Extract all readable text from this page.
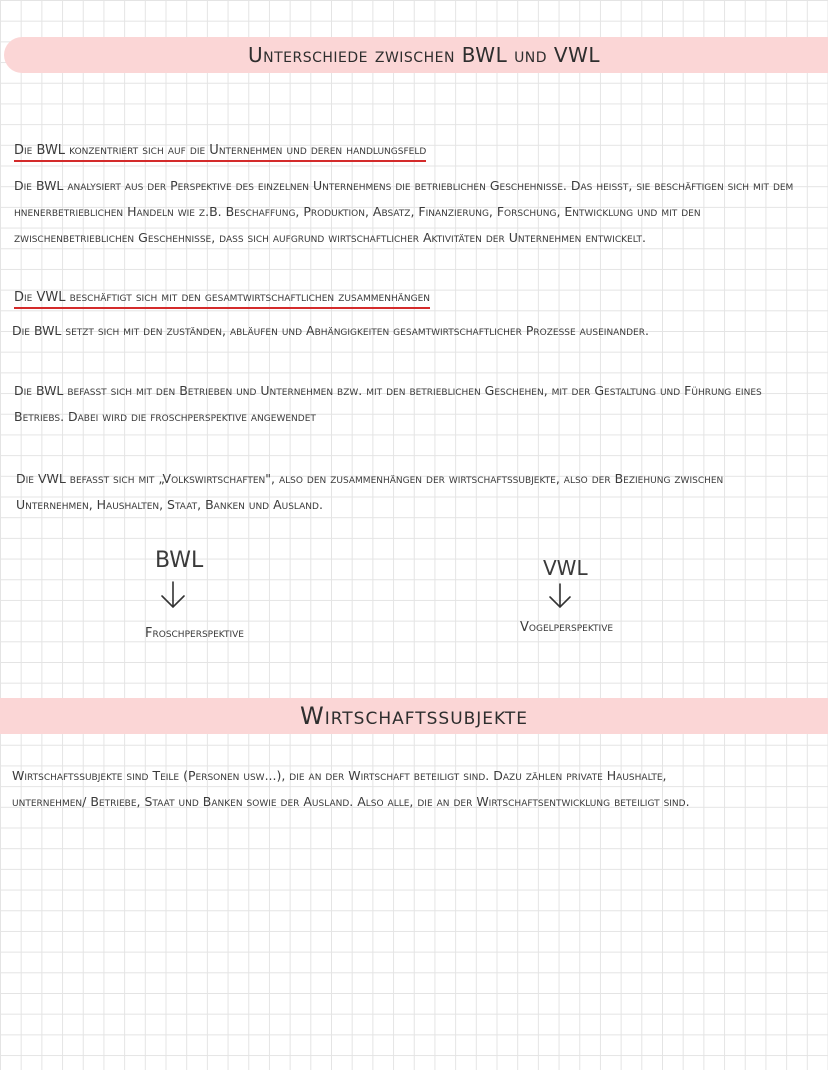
Unterschiede zwischen BWL und VWL
Die BWL konzentriert sich auf die Unternehmen und deren handlungsfeld
Die BWL analysiert aus der Perspektive des einzelnen Unternehmens die betrieblichen Geschehnisse. Das heißt, sie beschäftigen sich mit dem hnenerbetrieblichen Handeln wie z.B. Beschaffung, Produktion, Absatz, Finanzierung, Forschung, Entwicklung und mit den zwischenbetrieblichen Geschehnisse, dass sich aufgrund wirtschaftlicher Aktivitäten der Unternehmen entwickelt.
Die VWL beschäftigt sich mit den gesamtwirtschaftlichen zusammenhängen
Die BWL setzt sich mit den zuständen, abläufen und Abhängigkeiten gesamtwirtschaftlicher Prozesse auseinander.
Die BWL befasst sich mit den Betrieben und Unternehmen bzw. mit den betrieblichen Geschehen, mit der Gestaltung und Führung eines Betriebs. Dabei wird die froschperspektive angewendet
Die VWL befasst sich mit „Volkswirtschaften", also den zusammenhängen der wirtschaftssubjekte, also der Beziehung zwischen Unternehmen, Haushalten, Staat, Banken und Ausland.
BWL
Froschperspektive
VWL
Vogelperspektive
Wirtschaftssubjekte
Wirtschaftssubjekte sind Teile (Personen usw...), die an der Wirtschaft beteiligt sind. Dazu zählen private Haushalte, unternehmen/ Betriebe, Staat und Banken sowie der Ausland. Also alle, die an der Wirtschaftsentwicklung beteiligt sind.
